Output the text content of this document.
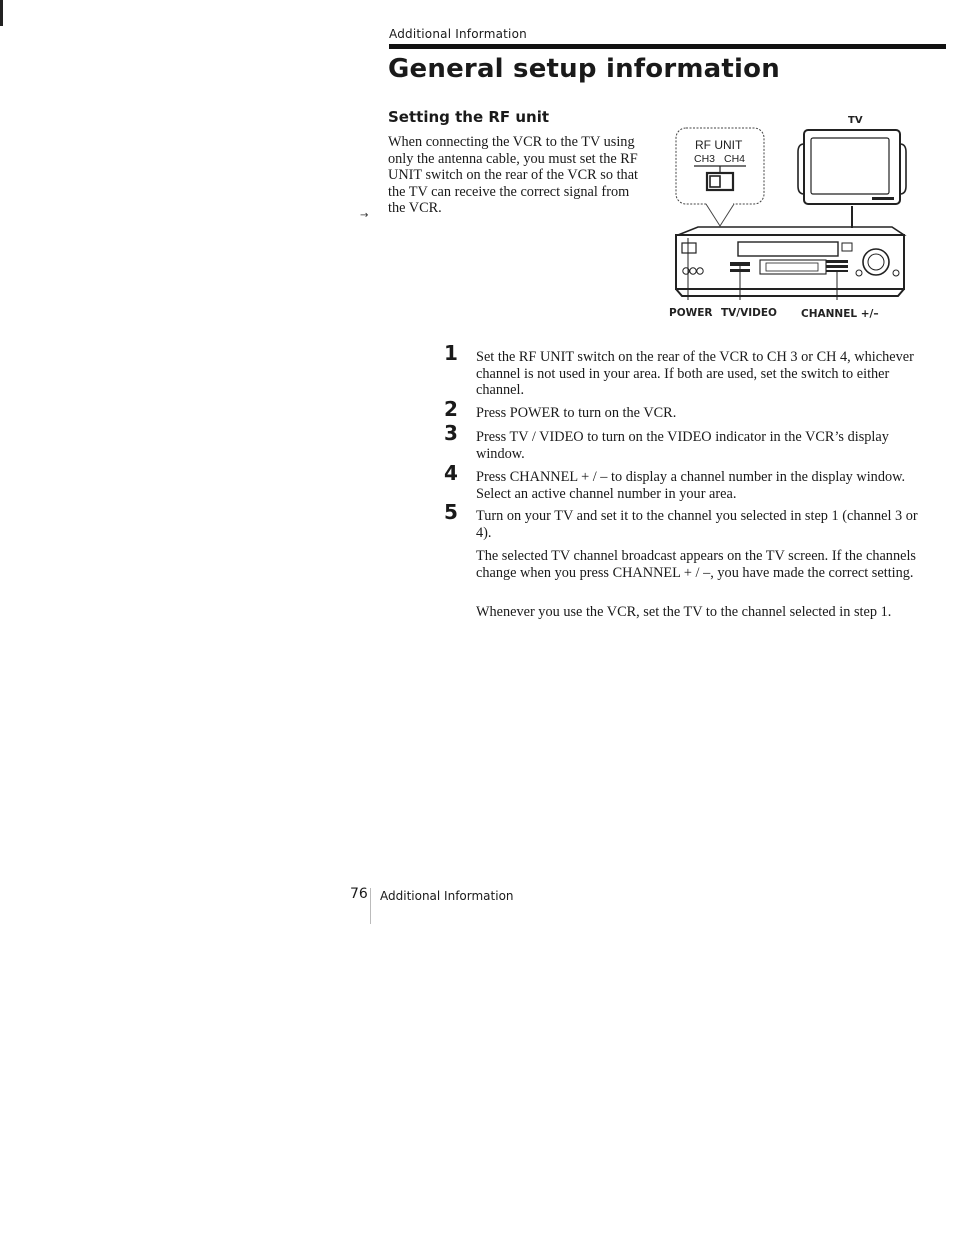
Additional Information
General setup information
Setting the RF unit
When connecting the VCR to the TV using only the antenna cable, you must set the RF UNIT switch on the rear of the VCR so that the TV can receive the correct signal from the VCR.
→
RF UNIT
CH3 CH4
TV
POWER TV/VIDEO CHANNEL +/–
1 Set the RF UNIT switch on the rear of the VCR to CH 3 or CH 4, whichever channel is not used in your area. If both are used, set the switch to either channel.
2 Press POWER to turn on the VCR.
3 Press TV / VIDEO to turn on the VIDEO indicator in the VCR’s display window.
4 Press CHANNEL + / – to display a channel number in the display window. Select an active channel number in your area.
5 Turn on your TV and set it to the channel you selected in step 1 (channel 3 or 4).
The selected TV channel broadcast appears on the TV screen. If the channels change when you press CHANNEL + / –, you have made the correct setting.
Whenever you use the VCR, set the TV to the channel selected in step 1.
76 Additional Information
